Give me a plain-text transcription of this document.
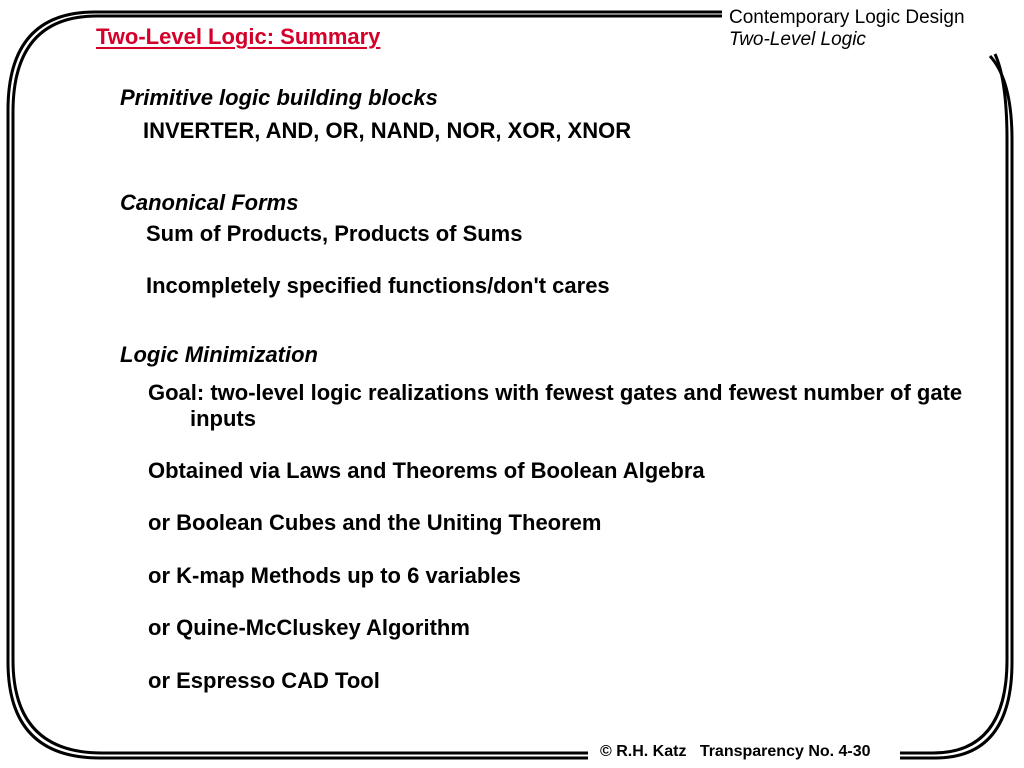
Two-Level Logic: Summary
Contemporary Logic Design
Two-Level Logic
Primitive logic building blocks
INVERTER, AND, OR, NAND, NOR, XOR, XNOR
Canonical Forms
Sum of Products, Products of Sums
Incompletely specified functions/don't cares
Logic Minimization
Goal: two-level logic realizations with fewest gates and fewest number of gate inputs
Obtained via Laws and Theorems of Boolean Algebra
or Boolean Cubes and the Uniting Theorem
or K-map Methods up to 6 variables
or Quine-McCluskey Algorithm
or Espresso CAD Tool
© R.H. Katz Transparency No. 4-30
